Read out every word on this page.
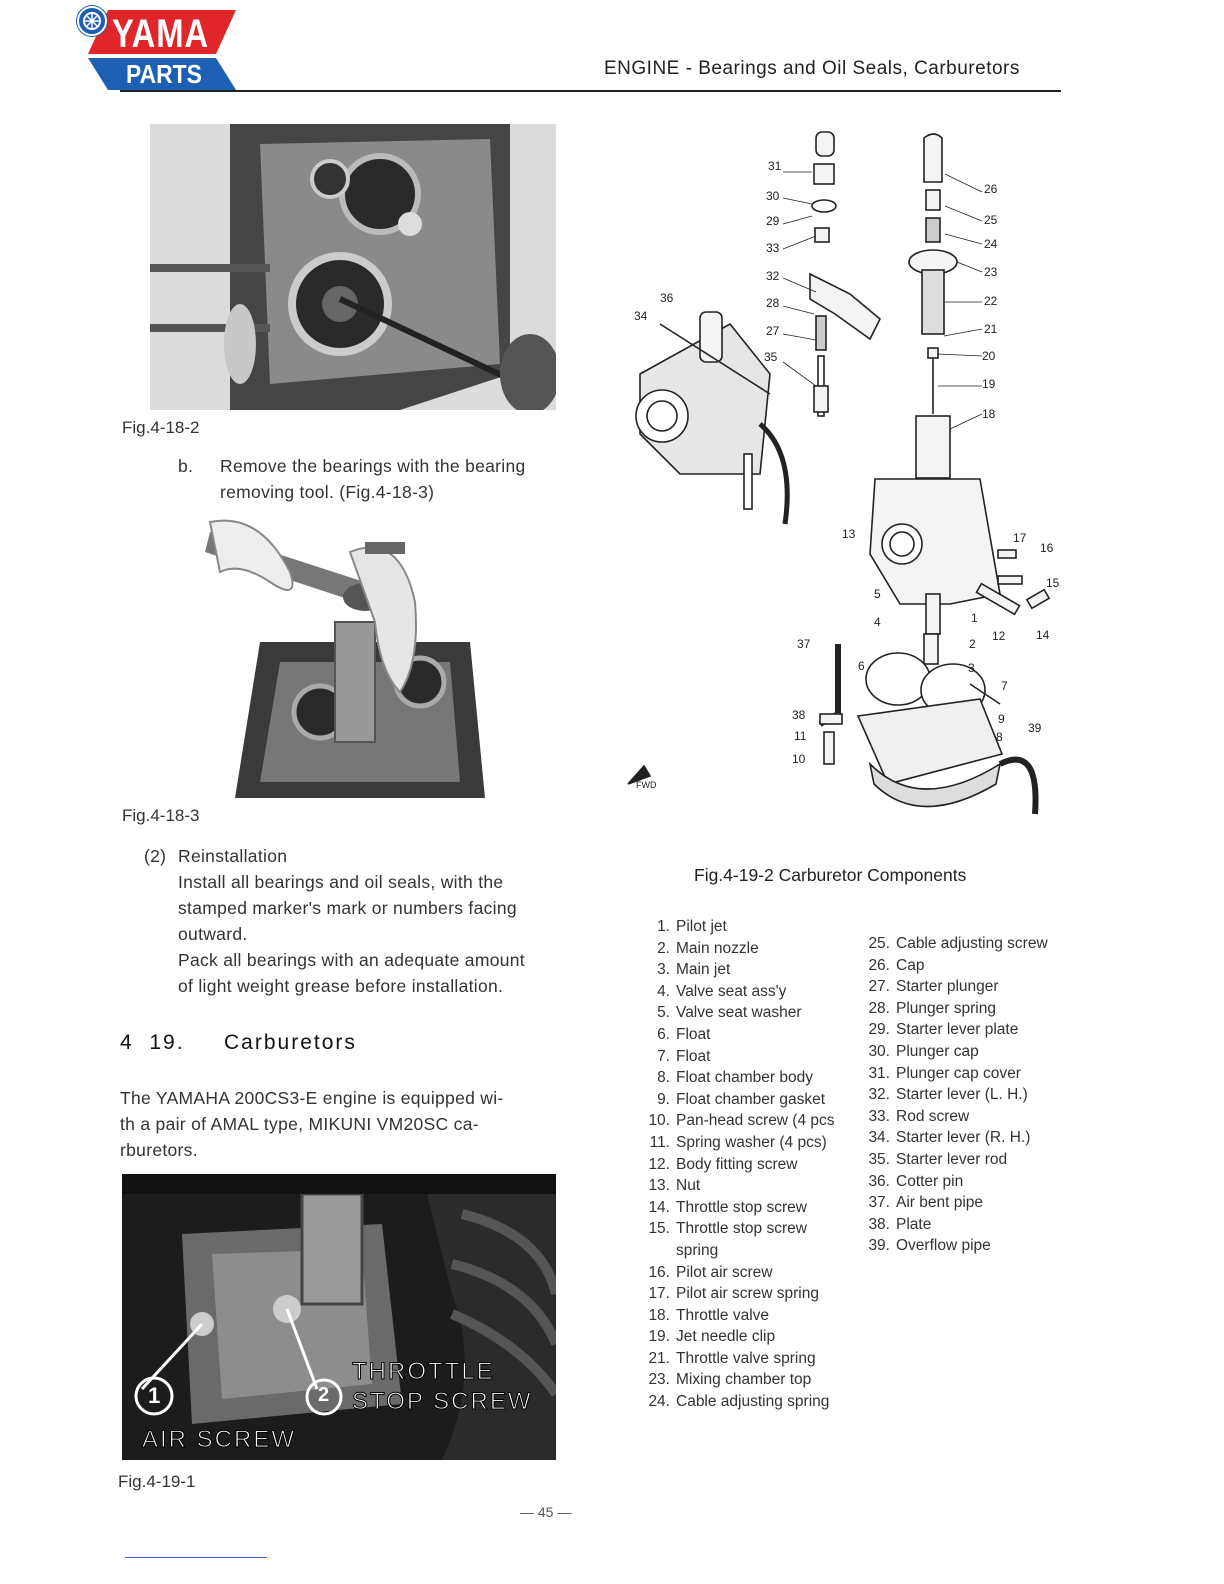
YAMA
PARTS	ENGINE - Bearings and Oil Seals, Carburetors
Fig.4-18-2
b. Remove the bearings with the bearing
removing tool. (Fig.4-18-3)
Fig.4-18-3
(2) Reinstallation
Install all bearings and oil seals, with the
stamped marker's mark or numbers facing
outward.
Pack all bearings with an adequate amount
of light weight grease before installation.
4  19. Carburetors
The YAMAHA 200CS3-E engine is equipped wi-
th a pair of AMAL type, MIKUNI VM20SC ca-
rburetors.
1	2
AIR SCREW
THROTTLE
STOP SCREW
Fig.4-19-1
31
30
29
33
32
28
27
35
36
34
26
25
24
23
22
21
20
19
18
13	17
16
15
5
4	1
12	14
2
37
6	3
7
38	9
39
11	8
10
FWD
Fig.4-19-2 Carburetor Components
1. Pilot jet
2. Main nozzle
3. Main jet
4. Valve seat ass'y
5. Valve seat washer
6. Float
7. Float
8. Float chamber body
9. Float chamber gasket
10. Pan-head screw (4 pcs
11. Spring washer (4 pcs)
12. Body fitting screw
13. Nut
14. Throttle stop screw
15. Throttle stop screw
spring
16. Pilot air screw
17. Pilot air screw spring
18. Throttle valve
19. Jet needle clip
21. Throttle valve spring
23. Mixing chamber top
24. Cable adjusting spring
25. Cable adjusting screw
26. Cap
27. Starter plunger
28. Plunger spring
29. Starter lever plate
30. Plunger cap
31. Plunger cap cover
32. Starter lever (L. H.)
33. Rod screw
34. Starter lever (R. H.)
35. Starter lever rod
36. Cotter pin
37. Air bent pipe
38. Plate
39. Overflow pipe
— 45 —
